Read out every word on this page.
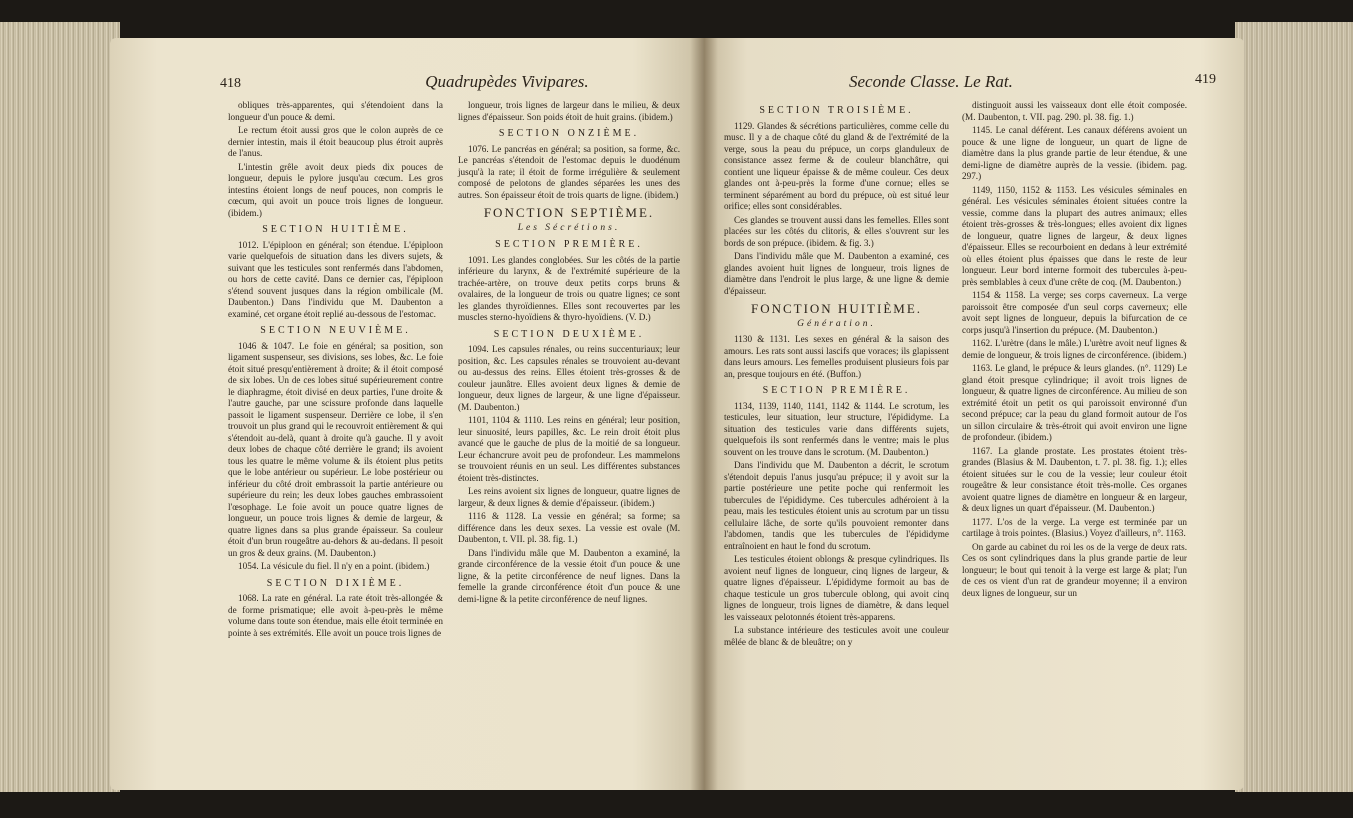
418	Quadrupèdes Vivipares.

obliques très-apparentes, qui s'étendoient dans la longueur d'un pouce & demi.

Le rectum étoit aussi gros que le colon auprès de ce dernier intestin, mais il étoit beaucoup plus étroit auprès de l'anus.

L'intestin grêle avoit deux pieds dix pouces de longueur, depuis le pylore jusqu'au cœcum. Les gros intestins étoient longs de neuf pouces, non compris le cœcum, qui avoit un pouce trois lignes de longueur. (ibidem.)

SECTION HUITIÈME.

1012. L'épiploon en général; son étendue. L'épiploon varie quelquefois de situation dans les divers sujets, & suivant que les testicules sont renfermés dans l'abdomen, ou hors de cette cavité. Dans ce dernier cas, l'épiploon s'étend souvent jusques dans la région ombilicale (M. Daubenton.) Dans l'individu que M. Daubenton a examiné, cet organe étoit replié au-dessous de l'estomac.

SECTION NEUVIÈME.

1046 & 1047. Le foie en général; sa position, son ligament suspenseur, ses divisions, ses lobes, &c. Le foie étoit situé presqu'entièrement à droite; & il étoit composé de six lobes. Un de ces lobes situé supérieurement contre le diaphragme, étoit divisé en deux parties, l'une droite & l'autre gauche, par une scissure profonde dans laquelle passoit le ligament suspenseur. Derrière ce lobe, il s'en trouvoit un plus grand qui le recouvroit entièrement & qui s'étendoit au-delà, quant à droite qu'à gauche. Il y avoit deux lobes de chaque côté derrière le grand; ils avoient tous les quatre le même volume & ils étoient plus petits que le lobe antérieur ou supérieur. Le lobe postérieur ou inférieur du côté droit embrassoit la partie antérieure ou supérieure du rein; les deux lobes gauches embrassoient l'œsophage. Le foie avoit un pouce quatre lignes de longueur, un pouce trois lignes & demie de largeur, & quatre lignes dans sa plus grande épaisseur. Sa couleur étoit d'un brun rougeâtre au-dehors & au-dedans. Il pesoit un gros & deux grains. (M. Daubenton.)

1054. La vésicule du fiel. Il n'y en a point. (ibidem.)

SECTION DIXIÈME.

1068. La rate en général. La rate étoit très-allongée & de forme prismatique; elle avoit à-peu-près le même volume dans toute son étendue, mais elle étoit terminée en pointe à ses extrémités. Elle avoit un pouce trois lignes de

longueur, trois lignes de largeur dans le milieu, & deux lignes d'épaisseur. Son poids étoit de huit grains. (ibidem.)

SECTION ONZIÈME.

1076. Le pancréas en général; sa position, sa forme, &c. Le pancréas s'étendoit de l'estomac depuis le duodénum jusqu'à la rate; il étoit de forme irrégulière & seulement composé de pelotons de glandes séparées les unes des autres. Son épaisseur étoit de trois quarts de ligne. (ibidem.)

FONCTION SEPTIÈME.
Les Sécrétions.
SECTION PREMIÈRE.

1091. Les glandes conglobées. Sur les côtés de la partie inférieure du larynx, & de l'extrémité supérieure de la trachée-artère, on trouve deux petits corps bruns & ovalaires, de la longueur de trois ou quatre lignes; ce sont les glandes thyroïdiennes. Elles sont recouvertes par les muscles sterno-hyoïdiens & thyro-hyoïdiens. (V. D.)

SECTION DEUXIÈME.

1094. Les capsules rénales, ou reins succenturiaux; leur position, &c. Les capsules rénales se trouvoient au-devant ou au-dessus des reins. Elles étoient très-grosses & de couleur jaunâtre. Elles avoient deux lignes & demie de longueur, deux lignes de largeur, & une ligne d'épaisseur. (M. Daubenton.)

1101, 1104 & 1110. Les reins en général; leur position, leur sinuosité, leurs papilles, &c. Le rein droit étoit plus avancé que le gauche de plus de la moitié de sa longueur. Leur échancrure avoit peu de profondeur. Les mammelons se trouvoient réunis en un seul. Les différentes substances étoient très-distinctes.

Les reins avoient six lignes de longueur, quatre lignes de largeur, & deux lignes & demie d'épaisseur. (ibidem.)

1116 & 1128. La vessie en général; sa forme; sa différence dans les deux sexes. La vessie est ovale (M. Daubenton, t. VII. pl. 38. fig. 1.)

Dans l'individu mâle que M. Daubenton a examiné, la grande circonférence de la vessie étoit d'un pouce & une ligne, & la petite circonférence de neuf lignes. Dans la femelle la grande circonférence étoit d'un pouce & une demi-ligne & la petite circonférence de neuf lignes.

Seconde Classe. Le Rat.	419
SECTION TROISIÈME.

1129. Glandes & sécrétions particulières, comme celle du musc. Il y a de chaque côté du gland & de l'extrémité de la verge, sous la peau du prépuce, un corps glanduleux de consistance assez ferme & de couleur blanchâtre, qui contient une liqueur épaisse & de même couleur. Ces deux glandes ont à-peu-près la forme d'une cornue; elles se terminent séparément au bord du prépuce, où est situé leur orifice; elles sont considérables.

Ces glandes se trouvent aussi dans les femelles. Elles sont placées sur les côtés du clitoris, & elles s'ouvrent sur les bords de son prépuce. (ibidem. & fig. 3.)

Dans l'individu mâle que M. Daubenton a examiné, ces glandes avoient huit lignes de longueur, trois lignes de diamètre dans l'endroit le plus large, & une ligne & demie d'épaisseur.

FONCTION HUITIÈME.
Génération.

1130 & 1131. Les sexes en général & la saison des amours. Les rats sont aussi lascifs que voraces; ils glapissent dans leurs amours. Les femelles produisent plusieurs fois par an, presque toujours en été. (Buffon.)

SECTION PREMIÈRE.

1134, 1139, 1140, 1141, 1142 & 1144. Le scrotum, les testicules, leur situation, leur structure, l'épididyme. La situation des testicules varie dans différents sujets, quelquefois ils sont renfermés dans le ventre; mais le plus souvent on les trouve dans le scrotum. (M. Daubenton.)

Dans l'individu que M. Daubenton a décrit, le scrotum s'étendoit depuis l'anus jusqu'au prépuce; il y avoit sur la partie postérieure une petite poche qui renfermoit les tubercules de l'épididyme. Ces tubercules adhéroient à la peau, mais les testicules étoient unis au scrotum par un tissu cellulaire lâche, de sorte qu'ils pouvoient remonter dans l'abdomen, tandis que les tubercules de l'épididyme entraînoient en haut le fond du scrotum.

Les testicules étoient oblongs & presque cylindriques. Ils avoient neuf lignes de longueur, cinq lignes de largeur, & quatre lignes d'épaisseur. L'épididyme formoit au bas de chaque testicule un gros tubercule oblong, qui avoit cinq lignes de longueur, trois lignes de diamètre, & dans lequel les vaisseaux pelotonnés étoient très-apparens.

La substance intérieure des testicules avoit une couleur mêlée de blanc & de bleuâtre; on y

distinguoit aussi les vaisseaux dont elle étoit composée. (M. Daubenton, t. VII. pag. 290. pl. 38. fig. 1.)

1145. Le canal déférent. Les canaux déférens avoient un pouce & une ligne de longueur, un quart de ligne de diamètre dans la plus grande partie de leur étendue, & une demi-ligne de diamètre auprès de la vessie. (ibidem. pag. 297.)

1149, 1150, 1152 & 1153. Les vésicules séminales en général. Les vésicules séminales étoient situées contre la vessie, comme dans la plupart des autres animaux; elles étoient très-grosses & très-longues; elles avoient dix lignes de longueur, quatre lignes de largeur, & deux lignes d'épaisseur. Elles se recourboient en dedans à leur extrémité où elles étoient plus épaisses que dans le reste de leur longueur. Leur bord interne formoit des tubercules à-peu-près semblables à ceux d'une crête de coq. (M. Daubenton.)

1154 & 1158. La verge; ses corps caverneux. La verge paroissoit être composée d'un seul corps caverneux; elle avoit sept lignes de longueur, depuis la bifurcation de ce corps jusqu'à l'insertion du prépuce. (M. Daubenton.)

1162. L'urètre (dans le mâle.) L'urètre avoit neuf lignes & demie de longueur, & trois lignes de circonférence. (ibidem.)

1163. Le gland, le prépuce & leurs glandes. (n°. 1129) Le gland étoit presque cylindrique; il avoit trois lignes de longueur, & quatre lignes de circonférence. Au milieu de son extrémité étoit un petit os qui paroissoit environné d'un second prépuce; car la peau du gland formoit autour de l'os un sillon circulaire & très-étroit qui avoit environ une ligne de profondeur. (ibidem.)

1167. La glande prostate. Les prostates étoient très-grandes (Blasius & M. Daubenton, t. 7. pl. 38. fig. 1.); elles étoient situées sur le cou de la vessie; leur couleur étoit rougeâtre & leur consistance étoit très-molle. Ces organes avoient quatre lignes de diamètre en longueur & en largeur, & deux lignes un quart d'épaisseur. (M. Daubenton.)

1177. L'os de la verge. La verge est terminée par un cartilage à trois pointes. (Blasius.) Voyez d'ailleurs, n°. 1163.

On garde au cabinet du roi les os de la verge de deux rats. Ces os sont cylindriques dans la plus grande partie de leur longueur; le bout qui tenoit à la verge est large & plat; l'un de ces os vient d'un rat de grandeur moyenne; il a environ deux lignes de longueur, sur un
